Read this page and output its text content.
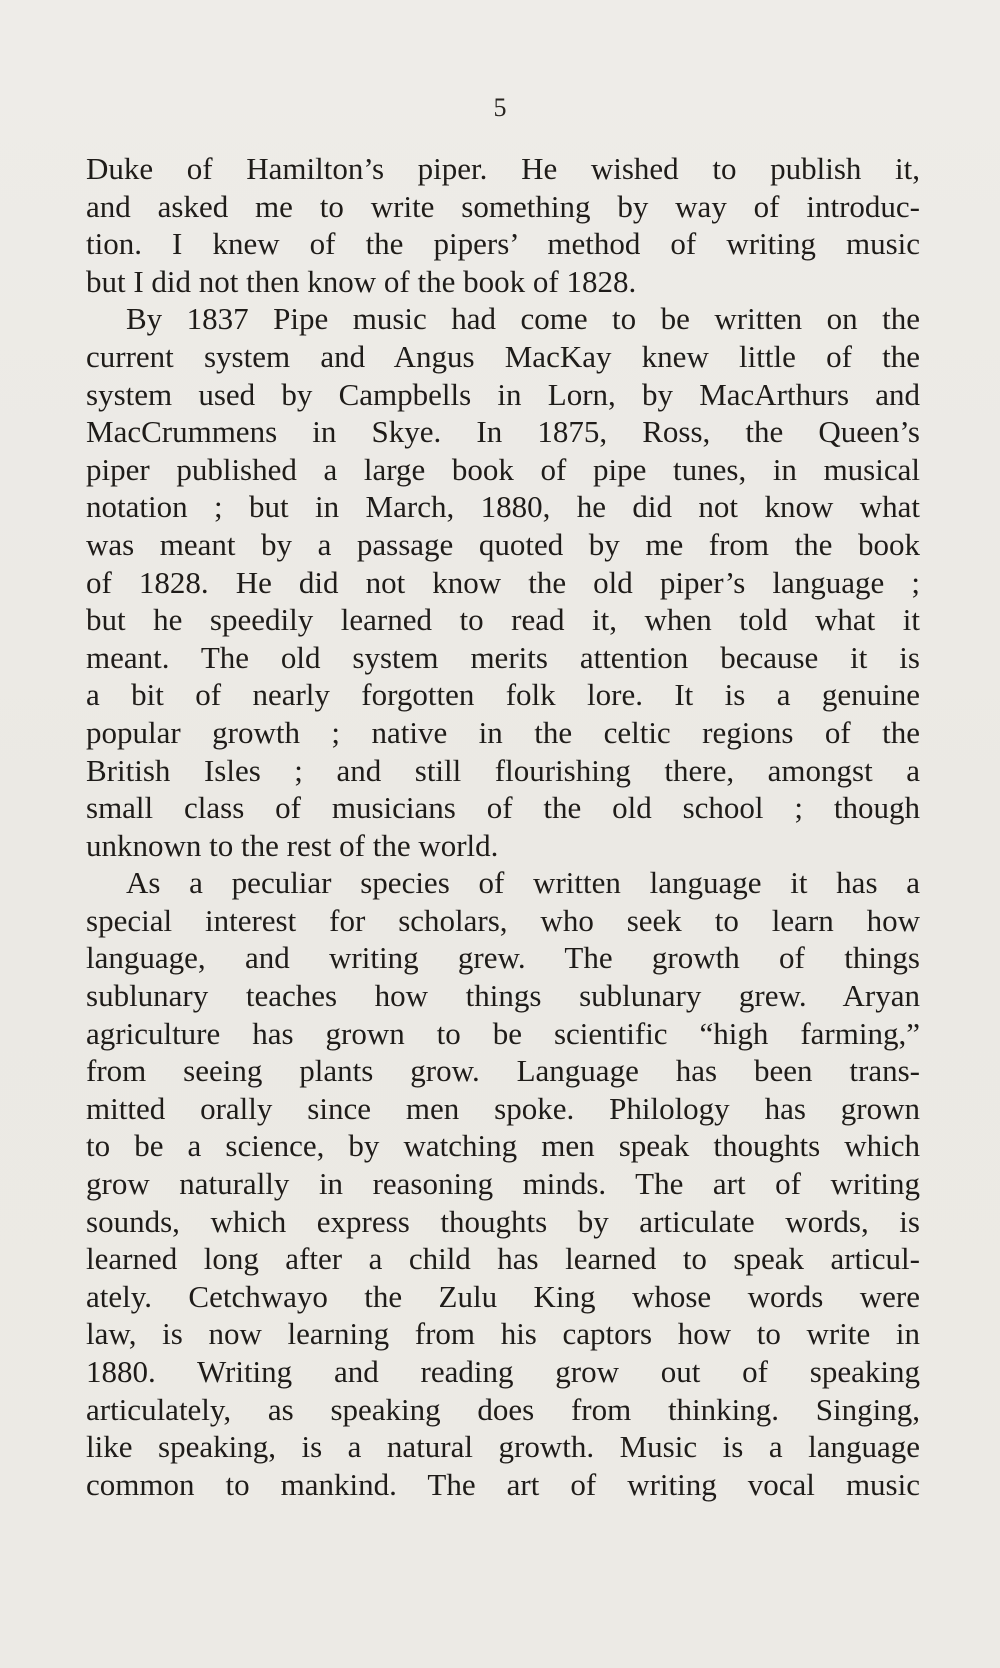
5
Duke of Hamilton’s piper. He wished to publish it,
and asked me to write something by way of introduc-
tion. I knew of the pipers’ method of writing music
but I did not then know of the book of 1828.
By 1837 Pipe music had come to be written on the
current system and Angus MacKay knew little of the
system used by Campbells in Lorn, by MacArthurs and
MacCrummens in Skye. In 1875, Ross, the Queen’s
piper published a large book of pipe tunes, in musical
notation ; but in March, 1880, he did not know what
was meant by a passage quoted by me from the book
of 1828. He did not know the old piper’s language ;
but he speedily learned to read it, when told what it
meant. The old system merits attention because it is
a bit of nearly forgotten folk lore. It is a genuine
popular growth ; native in the celtic regions of the
British Isles ; and still flourishing there, amongst a
small class of musicians of the old school ; though
unknown to the rest of the world.
As a peculiar species of written language it has a
special interest for scholars, who seek to learn how
language, and writing grew. The growth of things
sublunary teaches how things sublunary grew. Aryan
agriculture has grown to be scientific “high farming,”
from seeing plants grow. Language has been trans-
mitted orally since men spoke. Philology has grown
to be a science, by watching men speak thoughts which
grow naturally in reasoning minds. The art of writing
sounds, which express thoughts by articulate words, is
learned long after a child has learned to speak articul-
ately. Cetchwayo the Zulu King whose words were
law, is now learning from his captors how to write in
1880. Writing and reading grow out of speaking
articulately, as speaking does from thinking. Singing,
like speaking, is a natural growth. Music is a language
common to mankind. The art of writing vocal music
